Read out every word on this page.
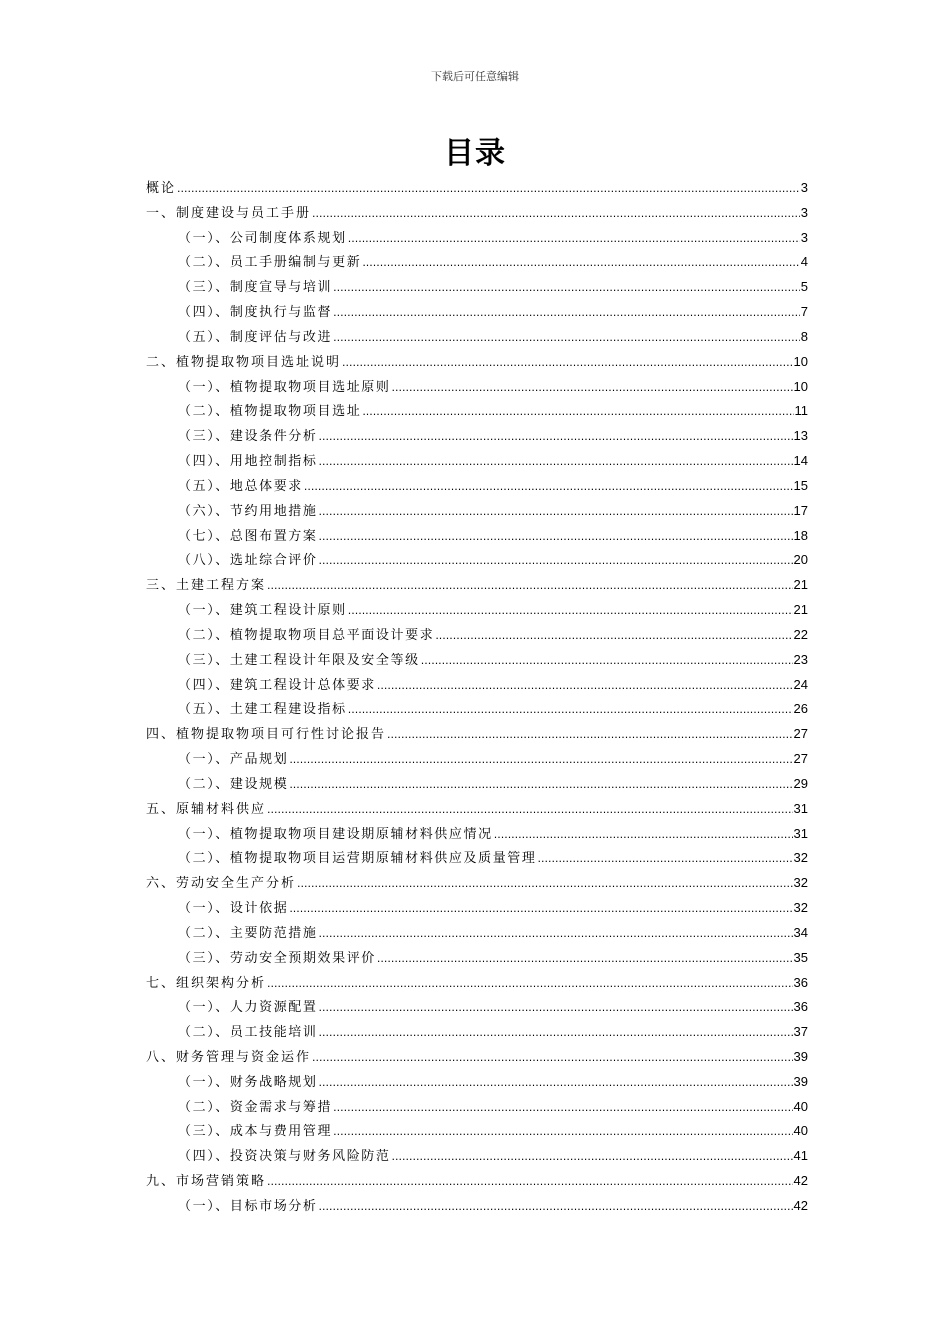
下载后可任意编辑
目录
概论 .....	3
一、制度建设与员工手册 .....	3
（一）、公司制度体系规划 .....	3
（二）、员工手册编制与更新 .....	4
（三）、制度宣导与培训 .....	5
（四）、制度执行与监督 .....	7
（五）、制度评估与改进 .....	8
二、植物提取物项目选址说明 .....	10
（一）、植物提取物项目选址原则 .....	10
（二）、植物提取物项目选址 .....	11
（三）、建设条件分析 .....	13
（四）、用地控制指标 .....	14
（五）、地总体要求 .....	15
（六）、节约用地措施 .....	17
（七）、总图布置方案 .....	18
（八）、选址综合评价 .....	20
三、土建工程方案 .....	21
（一）、建筑工程设计原则 .....	21
（二）、植物提取物项目总平面设计要求 .....	22
（三）、土建工程设计年限及安全等级 .....	23
（四）、建筑工程设计总体要求 .....	24
（五）、土建工程建设指标 .....	26
四、植物提取物项目可行性讨论报告 .....	27
（一）、产品规划 .....	27
（二）、建设规模 .....	29
五、原辅材料供应 .....	31
（一）、植物提取物项目建设期原辅材料供应情况 .....	31
（二）、植物提取物项目运营期原辅材料供应及质量管理 .....	32
六、劳动安全生产分析 .....	32
（一）、设计依据 .....	32
（二）、主要防范措施 .....	34
（三）、劳动安全预期效果评价 .....	35
七、组织架构分析 .....	36
（一）、人力资源配置 .....	36
（二）、员工技能培训 .....	37
八、财务管理与资金运作 .....	39
（一）、财务战略规划 .....	39
（二）、资金需求与筹措 .....	40
（三）、成本与费用管理 .....	40
（四）、投资决策与财务风险防范 .....	41
九、市场营销策略 .....	42
（一）、目标市场分析 .....	42
